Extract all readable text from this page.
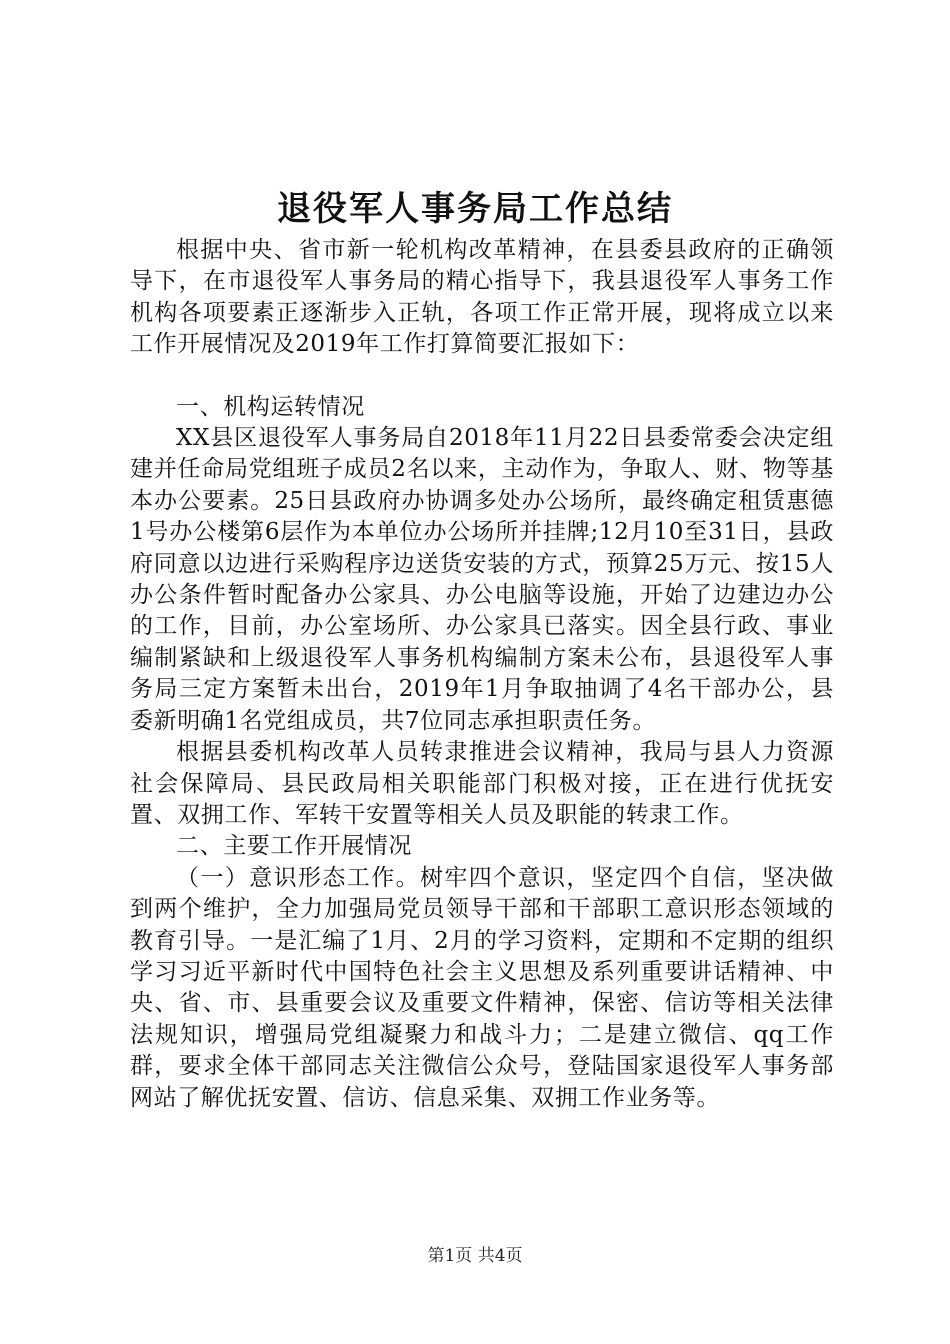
退役军人事务局工作总结

根据中央、省市新一轮机构改革精神，在县委县政府的正确领导下，在市退役军人事务局的精心指导下，我县退役军人事务工作机构各项要素正逐渐步入正轨，各项工作正常开展，现将成立以来工作开展情况及2019年工作打算简要汇报如下：

一、机构运转情况

XX县区退役军人事务局自2018年11月22日县委常委会决定组建并任命局党组班子成员2名以来，主动作为，争取人、财、物等基本办公要素。25日县政府办协调多处办公场所，最终确定租赁惠德1号办公楼第6层作为本单位办公场所并挂牌;12月10至31日，县政府同意以边进行采购程序边送货安装的方式，预算25万元、按15人办公条件暂时配备办公家具、办公电脑等设施，开始了边建边办公的工作，目前，办公室场所、办公家具已落实。因全县行政、事业编制紧缺和上级退役军人事务机构编制方案未公布，县退役军人事务局三定方案暂未出台，2019年1月争取抽调了4名干部办公，县委新明确1名党组成员，共7位同志承担职责任务。

根据县委机构改革人员转隶推进会议精神，我局与县人力资源社会保障局、县民政局相关职能部门积极对接，正在进行优抚安置、双拥工作、军转干安置等相关人员及职能的转隶工作。

二、主要工作开展情况

（一）意识形态工作。树牢四个意识，坚定四个自信，坚决做到两个维护，全力加强局党员领导干部和干部职工意识形态领域的教育引导。一是汇编了1月、2月的学习资料，定期和不定期的组织学习习近平新时代中国特色社会主义思想及系列重要讲话精神、中央、省、市、县重要会议及重要文件精神，保密、信访等相关法律法规知识，增强局党组凝聚力和战斗力；二是建立微信、qq工作群，要求全体干部同志关注微信公众号，登陆国家退役军人事务部网站了解优抚安置、信访、信息采集、双拥工作业务等。

第1页 共4页
